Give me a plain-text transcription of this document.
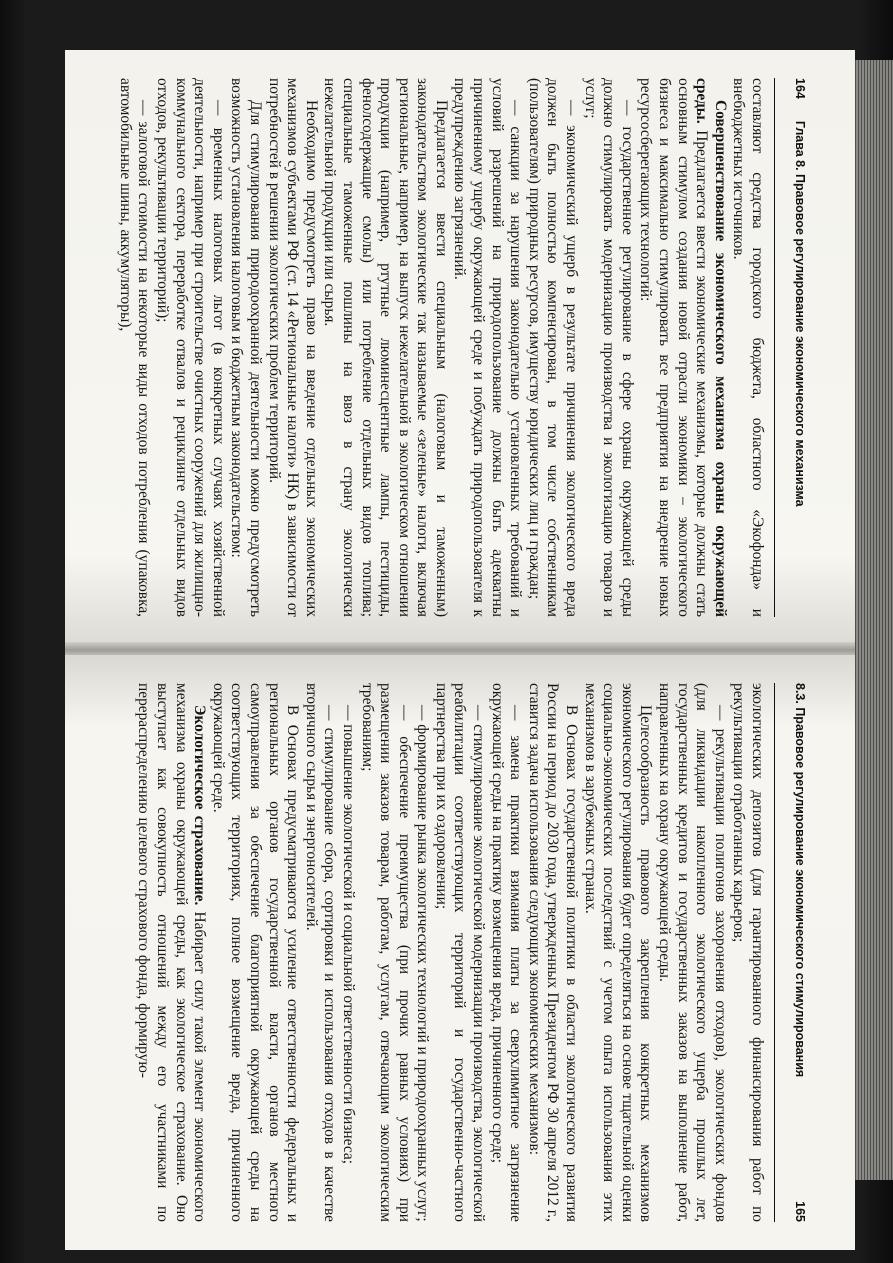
164
Глава 8. Правовое регулирование экономического механизма

составляют средства городского бюджета, областного «Экофонда» и внебюджетных источников.

Совершенствование экономического механизма охраны окружающей среды. Предлагается ввести экономические механизмы, которые должны стать основным стимулом создания новой отрасли экономики – экологического бизнеса и максимально стимулировать все предприятия на внедрение новых ресурсосберегающих технологий:

— государственное регулирование в сфере охраны окружающей среды должно стимулировать модернизацию производства и экологизацию товаров и услуг;

— экономический ущерб в результате причинения экологического вреда должен быть полностью компенсирован, в том числе собственникам (пользователям) природных ресурсов, имуществу юридических лиц и граждан;

— санкции за нарушения законодательно установленных требований и условий разрешений на природопользование должны быть адекватны причиненному ущербу окружающей среде и побуждать природопользователя к предупреждению загрязнений.

Предлагается ввести специальным (налоговым и таможенным) законодательством экологические так называемые «зеленые» налоги, включая региональные, например, на выпуск нежелательной в экологическом отношении продукции (например, ртутные люминесцентные лампы, пестициды, фенолсодержащие смолы) или потребление отдельных видов топлива; специальные таможенные пошлины на ввоз в страну экологически нежелательной продукции или сырья.

Необходимо предусмотреть право на введение отдельных экономических механизмов субъектами РФ (ст. 14 «Региональные налоги» НК) в зависимости от потребностей в решении экологических проблем территорий.

Для стимулирования природоохранной деятельности можно предусмотреть возможность установления налоговым и бюджетным законодательством:

— временных налоговых льгот (в конкретных случаях хозяйственной деятельности, например при строительстве очистных сооружений для жилищно-коммунального сектора, переработке отвалов и рециклинге отдельных видов отходов, рекультивации территорий);

— залоговой стоимости на некоторые виды отходов потребления (упаковка, автомобильные шины, аккумуляторы),

8.3. Правовое регулирование экономического стимулирования
165

экологических депозитов (для гарантированного финансирования работ по рекультивации отработанных карьеров;

— рекультивации полигонов захоронения отходов), экологических фондов (для ликвидации накопленного экологического ущерба прошлых лет, государственных кредитов и государственных заказов на выполнение работ, направленных на охрану окружающей среды.

Целесообразность правового закрепления конкретных механизмов экономического регулирования будет определяться на основе тщательной оценки социально-экономических последствий с учетом опыта использования этих механизмов в зарубежных странах.

В Основах государственной политики в области экологического развития России на период до 2030 года, утвержденных Президентом РФ 30 апреля 2012 г., ставится задача использования следующих экономических механизмов:

— замена практики взимания платы за сверхлимитное загрязнение окружающей среды на практику возмещения вреда, причиненного среде;

— стимулирование экологической модернизации производства, экологической реабилитации соответствующих территорий и государственно-частного партнерства при их оздоровлении;

— формирование рынка экологических технологий и природоохранных услуг;

— обеспечение преимущества (при прочих равных условиях) при размещении заказов товарам, работам, услугам, отвечающим экологическим требованиям;

— повышение экологической и социальной ответственности бизнеса;

— стимулирование сбора, сортировки и использования отходов в качестве вторичного сырья и энергоносителей.

В Основах предусматриваются усиление ответственности федеральных и региональных органов государственной власти, органов местного самоуправления за обеспечение благоприятной окружающей среды на соответствующих территориях, полное возмещение вреда, причиненного окружающей среде.

Экологическое страхование. Набирает силу такой элемент экономического механизма охраны окружающей среды, как экологическое страхование. Оно выступает как совокупность отношений между его участниками по перераспределению целевого страхового фонда, формирую-
